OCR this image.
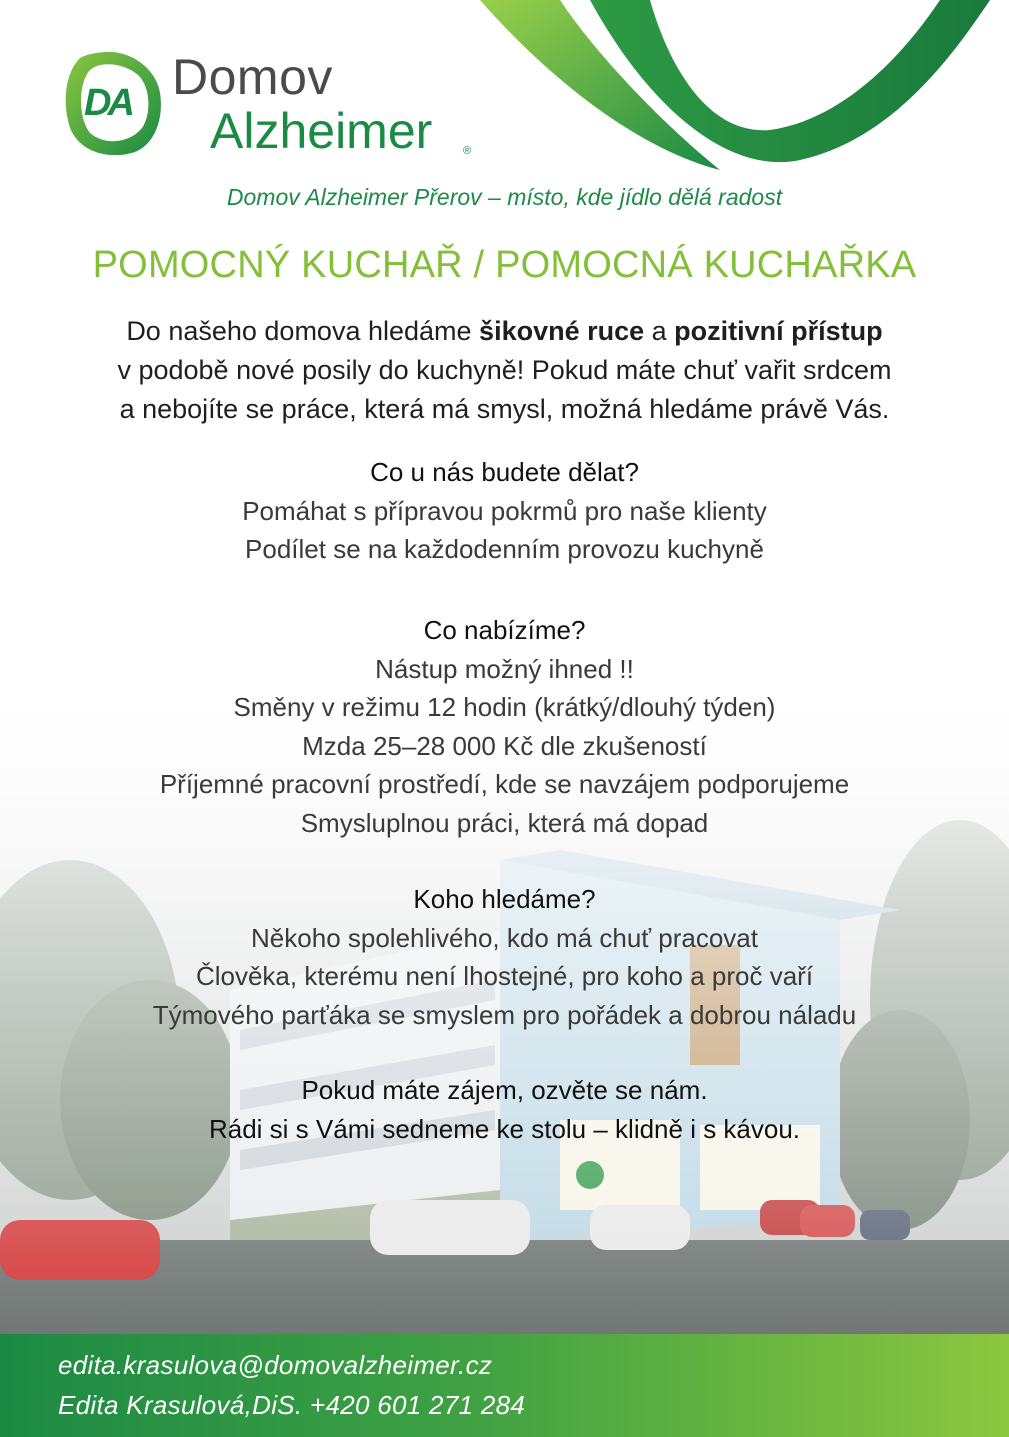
DA Domov
Alzheimer	®
Domov Alzheimer Přerov – místo, kde jídlo dělá radost
POMOCNÝ KUCHAŘ / POMOCNÁ KUCHAŘKA
Do našeho domova hledáme šikovné ruce a pozitivní přístup
v podobě nové posily do kuchyně! Pokud máte chuť vařit srdcem
a nebojíte se práce, která má smysl, možná hledáme právě Vás.
Co u nás budete dělat?
Pomáhat s přípravou pokrmů pro naše klienty
Podílet se na každodenním provozu kuchyně
Co nabízíme?
Nástup možný ihned !!
Směny v režimu 12 hodin (krátký/dlouhý týden)
Mzda 25–28 000 Kč dle zkušeností
Příjemné pracovní prostředí, kde se navzájem podporujeme
Smysluplnou práci, která má dopad
Koho hledáme?
Někoho spolehlivého, kdo má chuť pracovat
Člověka, kterému není lhostejné, pro koho a proč vaří
Týmového parťáka se smyslem pro pořádek a dobrou náladu
Pokud máte zájem, ozvěte se nám.
Rádi si s Vámi sedneme ke stolu – klidně i s kávou.
edita.krasulova@domovalzheimer.cz
Edita Krasulová,DiS. +420 601 271 284
